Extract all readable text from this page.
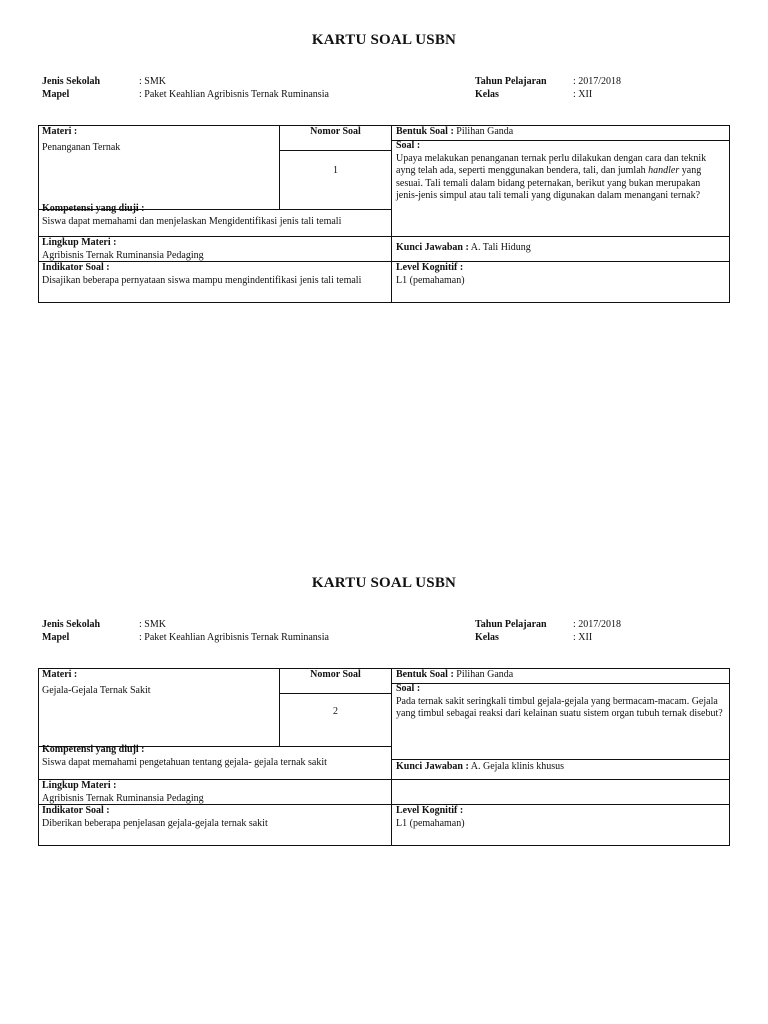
KARTU SOAL USBN
Jenis Sekolah	: SMK
Mapel	: Paket Keahlian Agribisnis Ternak Ruminansia
Tahun Pelajaran	: 2017/2018
Kelas	: XII
Materi :
Penanganan Ternak
Nomor Soal
1
Kompetensi yang diuji :
Siswa dapat memahami dan menjelaskan Mengidentifikasi jenis tali temali
Lingkup Materi :
Agribisnis Ternak Ruminansia Pedaging
Indikator Soal :
Disajikan beberapa pernyataan siswa mampu mengindentifikasi jenis tali temali
Bentuk Soal : Pilihan Ganda
Soal :
Upaya melakukan penanganan ternak perlu dilakukan dengan cara dan teknik ayng telah ada, seperti menggunakan bendera, tali, dan jumlah handler yang sesuai. Tali temali dalam bidang peternakan, berikut yang bukan merupakan jenis-jenis simpul atau tali temali yang digunakan dalam menangani ternak?
Kunci Jawaban : A. Tali Hidung
Level Kognitif :
L1 (pemahaman)
KARTU SOAL USBN
Jenis Sekolah	: SMK
Mapel	: Paket Keahlian Agribisnis Ternak Ruminansia
Tahun Pelajaran	: 2017/2018
Kelas	: XII
Materi :
Gejala-Gejala Ternak Sakit
Nomor Soal
2
Kompetensi yang diuji :
Siswa dapat memahami pengetahuan tentang gejala- gejala ternak sakit
Lingkup Materi :
Agribisnis Ternak Ruminansia Pedaging
Indikator Soal :
Diberikan beberapa penjelasan gejala-gejala ternak sakit
Bentuk Soal : Pilihan Ganda
Soal :
Pada ternak sakit seringkali timbul gejala-gejala yang bermacam-macam. Gejala yang timbul sebagai reaksi dari kelainan suatu sistem organ tubuh ternak disebut?
Kunci Jawaban : A. Gejala klinis khusus
Level Kognitif :
L1 (pemahaman)
